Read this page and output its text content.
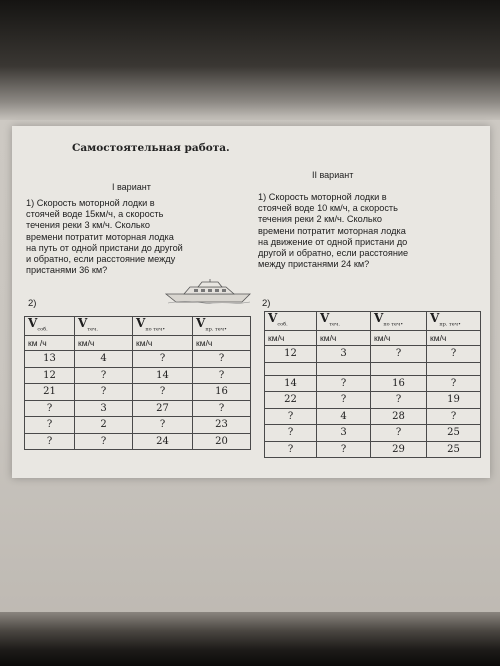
Самостоятельная работа.
I вариант
II вариант
1) Скорость моторной лодки в
стоячей воде 15км/ч, а скорость
течения реки 3 км/ч. Сколько
времени потратит моторная лодка
на путь от одной пристани до другой
и обратно, если расстояние между
пристанями 36 км?
1) Скорость моторной лодки в
стоячей воде 10 км/ч, а скорость
течения реки 2 км/ч. Сколько
времени потратит моторная лодка
на движение от одной пристани до
другой и обратно, если расстояние
между пристанями 24 км?
2)	2)
$V_{соб.}$	$V_{теч.}$	$V_{по теч•}$	$V_{пр. теч•}$
км /ч	км/ч	км/ч	км/ч
13	4	?	?
12	?	14	?
21	?	?	16
?	3	27	?
?	2	?	23
?	?	24	20
$V_{соб.}$	$V_{теч.}$	$V_{по теч•}$	$V_{пр. теч•}$
км/ч	км/ч	км/ч	км/ч
12	3	?	?

14	?	16	?
22	?	?	19
?	4	28	?
?	3	?	25
?	?	29	25
